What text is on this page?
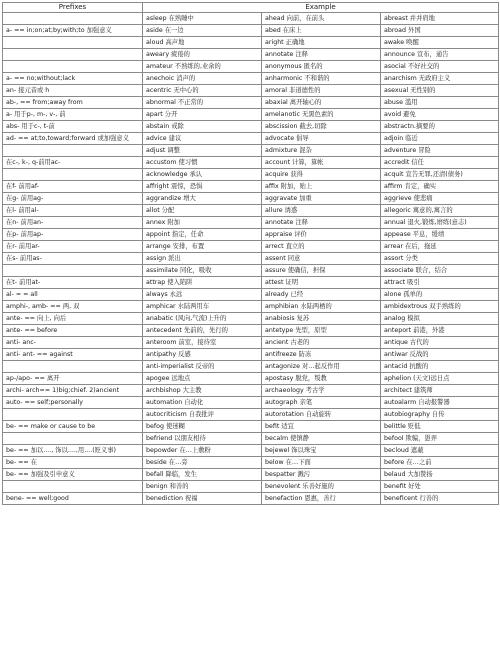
Prefixes	Example		
	asleep 在熟睡中	ahead 向前，在前头	abreast 并并肩地
a- == in;on;at;by;with;to 加强意义	aside 在一边	abed 在床上	abroad 外国
	aloud 高声地	aright 正确地	awake 唤醒
	aweary 疲倦的	annotate 注释	announce 宣布，通告
	amateur 不熟练的,业余的	anonymous 匿名的	asocial 不好社交的
a- == no;without;lack	anechoic 消声的	anharmonic 不和谐的	anarchism 无政府主义
an- 接元音或 h	acentric 无中心的	amoral 非道德性的	asexual 无性别的
ab-, == from;away from	abnormal 不正常的	abaxial 离开轴心的	abuse 滥用
a- 用于p-, m-, v-, 前	apart 分开	amelanotic 无黑色素的	avoid 避免
abs- 用于c-, t-前	abstain 戒除	abscission 截去,切除	abstractn.摘要的
ad- == at;to,toward;forward 或加强意义	advice 建议	advocate 倡导	adjoin 临近
	adjust 调整	admixture 混杂	adventure 冒险
在c-, k-, q-前用ac-	accustom 使习惯	account 计算，算帐	accredit 信任
	acknowledge 承认	acquire 获得	acquit 宣告无罪,还清(债务)
在f- 前用af-	affright 震惊，恐惧	affix 附加，贴上	affirm 肯定，确实
在g- 前用ag-	aggrandize 增大	aggravate 加重	aggrieve 使悲痛
在l- 前用al-	allot 分配	allure 诱惑	allegoric 寓意的,寓言的
在n- 前用an-	annex 附加	annotate 注释	annual 退火,锻炼,磨练(意志)
在p- 前用ap-	appoint 指定，任命	appraise 评价	appease 平息，缓靖
在r- 前用ar-	arrange 安排，布置	arrect 直立的	arrear 在后，拖延
在s- 前用as-	assign 派出	assent 同意	assort 分类
	assimilate 同化，吸收	assure 使确信，担保	associate 联合，结合
在t- 前用at-	attrap 使入陷阱	attest 证明	attract 吸引
al- = = all	always 永远	already 已经	alone 孤单的
amphi-, amb- == 两, 双	amphicar 水陆两用车	amphibian 水陆两栖的	ambidextrous 双手熟练的
ante- == 向上, 向后	anabatic (风向,气流)上升的	anabiosis 复苏	analog 模拟
ante- == before	antecedent 先前的，先行的	antetype 先型，原型	anteport 前港，外港
anti- anc-	anteroom 前室，接待室	ancient 古老的	antique 古代的
anti- ant- == against	antipathy 反感	antifreeze 防冻	antiwar 反战的
	anti-imperialist 反帝的	antagonize 对…起反作用	antacid 抗酸的
ap-/apo- == 离开	apogee 远地点	apostasy 脱党，叛教	aphelion (天文)远日点
archi- arch== 1)big;chief. 2)ancient	archbishop 大主教	archaeology 考古学	architect 建筑师
auto- == self;personally	automation 自动化	autograph 亲笔	autoalarm 自动报警器
	autocriticism 自我批评	autorotation 自动旋转	autobiography 自传
be- == make or cause to be	befog 使迷糊	befit 适宜	belittle 贬低
	befriend 以朋友相待	becalm 使镇静	befool 欺骗，愚弄
be- == 加以...., 饰以....,用....(贬义事)	bepowder 在…上敷粉	bejewel 饰以珠宝	becloud 遮蔽
be- == 在	beside 在…旁	below 在…下面	before 在…之前
be- == 加强及引申意义	befall 降临，发生	bespatter 溅污	belaud 大加赞扬
	benign 和善的	benevolent 乐善好施的	benefit 好处
bene- == well;good	benediction 祝福	benefaction 恩惠，善行	beneficent 行善的
